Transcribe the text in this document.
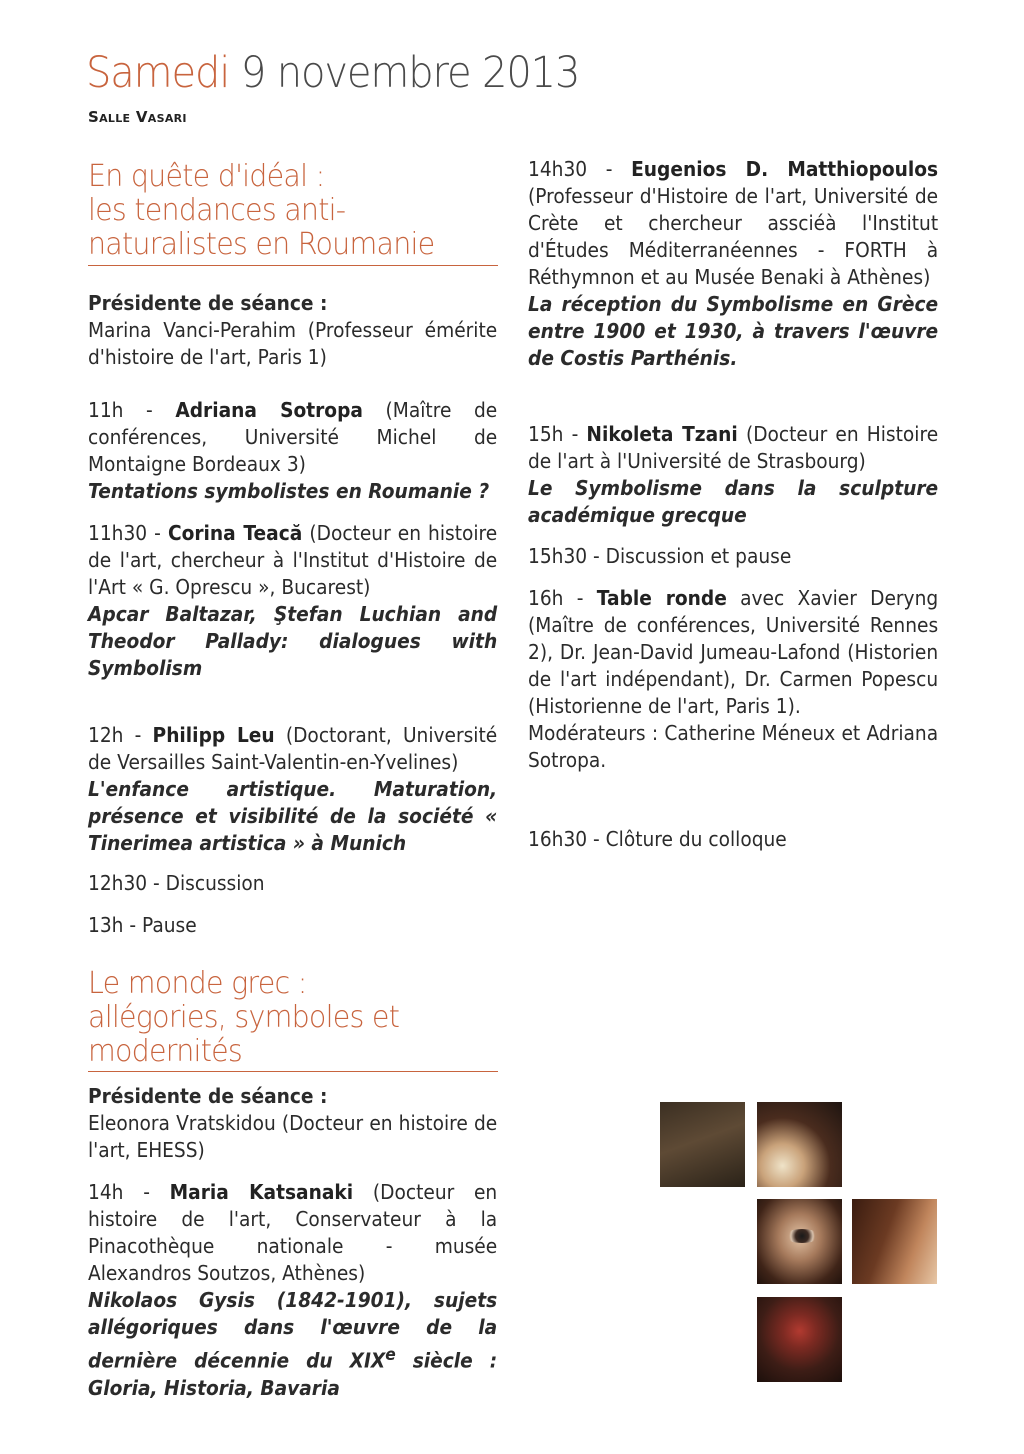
Samedi 9 novembre 2013
Salle Vasari
En quête d'idéal :
les tendances anti-
naturalistes en Roumanie
Présidente de séance :
Marina Vanci-Perahim (Professeur émérite d'histoire de l'art, Paris 1)
11h - Adriana Sotropa (Maître de conférences, Université Michel de Montaigne Bordeaux 3)
Tentations symbolistes en Roumanie ?
11h30 - Corina Teacă (Docteur en histoire de l'art, chercheur à l'Institut d'Histoire de l'Art « G. Oprescu », Bucarest)
Apcar Baltazar, Ştefan Luchian and Theodor Pallady: dialogues with Symbolism
12h - Philipp Leu (Doctorant, Université de Versailles Saint-Valentin-en-Yvelines)
L'enfance artistique. Maturation, présence et visibilité de la société « Tinerimea artistica » à Munich
12h30 - Discussion
13h - Pause
Le monde grec :
allégories, symboles et
modernités
Présidente de séance :
Eleonora Vratskidou (Docteur en histoire de l'art, EHESS)
14h - Maria Katsanaki (Docteur en histoire de l'art, Conservateur à la Pinacothèque nationale - musée Alexandros Soutzos, Athènes)
Nikolaos Gysis (1842-1901), sujets allégoriques dans l'œuvre de la dernière décennie du XIXe siècle : Gloria, Historia, Bavaria
14h30 - Eugenios D. Matthiopoulos (Professeur d'Histoire de l'art, Université de Crète et chercheur assciéà l'Institut d'Études Méditerranéennes - FORTH à Réthymnon et au Musée Benaki à Athènes)
La réception du Symbolisme en Grèce entre 1900 et 1930, à travers l'œuvre de Costis Parthénis.
15h - Nikoleta Tzani (Docteur en Histoire de l'art à l'Université de Strasbourg)
Le Symbolisme dans la sculpture académique grecque
15h30 - Discussion et pause
16h - Table ronde avec Xavier Deryng (Maître de conférences, Université Rennes 2), Dr. Jean-David Jumeau-Lafond (Historien de l'art indépendant), Dr. Carmen Popescu (Historienne de l'art, Paris 1).
Modérateurs : Catherine Méneux et Adriana Sotropa.
16h30 - Clôture du colloque
